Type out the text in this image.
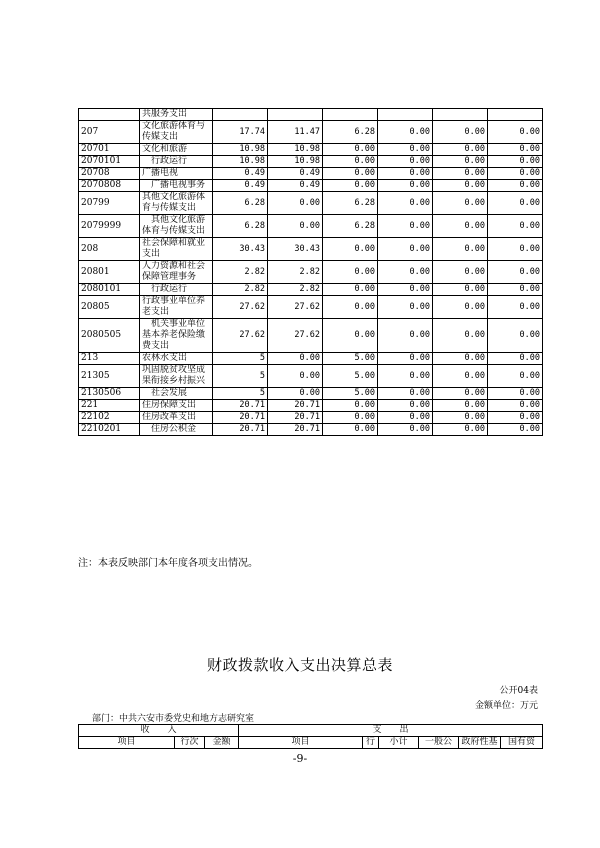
	共服务支出						
207	文化旅游体育与传媒支出	17.74	11.47	6.28	0.00	0.00	0.00
20701	文化和旅游	10.98	10.98	0.00	0.00	0.00	0.00
2070101	　行政运行	10.98	10.98	0.00	0.00	0.00	0.00
20708	广播电视	0.49	0.49	0.00	0.00	0.00	0.00
2070808	　广播电视事务	0.49	0.49	0.00	0.00	0.00	0.00
20799	其他文化旅游体育与传媒支出	6.28	0.00	6.28	0.00	0.00	0.00
2079999	　其他文化旅游体育与传媒支出	6.28	0.00	6.28	0.00	0.00	0.00
208	社会保障和就业支出	30.43	30.43	0.00	0.00	0.00	0.00
20801	人力资源和社会保障管理事务	2.82	2.82	0.00	0.00	0.00	0.00
2080101	　行政运行	2.82	2.82	0.00	0.00	0.00	0.00
20805	行政事业单位养老支出	27.62	27.62	0.00	0.00	0.00	0.00
2080505	　机关事业单位基本养老保险缴费支出	27.62	27.62	0.00	0.00	0.00	0.00
213	农林水支出	5	0.00	5.00	0.00	0.00	0.00
21305	巩固脱贫攻坚成果衔接乡村振兴	5	0.00	5.00	0.00	0.00	0.00
2130506	　社会发展	5	0.00	5.00	0.00	0.00	0.00
221	住房保障支出	20.71	20.71	0.00	0.00	0.00	0.00
22102	住房改革支出	20.71	20.71	0.00	0.00	0.00	0.00
2210201	　住房公积金	20.71	20.71	0.00	0.00	0.00	0.00
注：本表反映部门本年度各项支出情况。
财政拨款收入支出决算总表
公开04表
金额单位：万元
部门：中共六安市委党史和地方志研究室
收　　入			支　　出					
项目	行次	金额	项目	行	小计	一般公	政府性基	国有资
-9-
